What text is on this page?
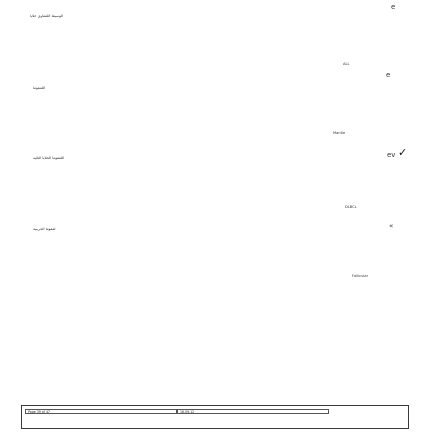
e
الوسيط اللمفاوي خلايا
ALL
e
اللمفوما
Mantle
ev ✓
اللمفوما الخلايا التائية
DLBCL
«
لمفوما الجريبية
Follicular
Page 39 of 47	16.09.12
